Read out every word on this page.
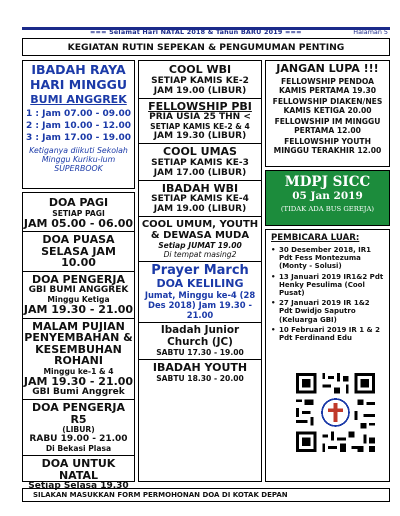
=== Selamat Hari NATAL 2018 & Tahun BARU 2019 ===	Halaman 5
KEGIATAN RUTIN SEPEKAN & PENGUMUMAN PENTING
IBADAH RAYA
HARI MINGGU
BUMI ANGGREK
1 : Jam 07.00 - 09.00
2 : Jam 10.00 - 12.00
3 : Jam 17.00 - 19.00
Ketiganya diikuti Sekolah Minggu Kuriku-lum SUPERBOOK
DOA PAGI
SETIAP PAGI
JAM 05.00 - 06.00
DOA PUASA
SELASA JAM 10.00
DOA PENGERJA
GBI BUMI ANGGREK
Minggu Ketiga
JAM 19.30 - 21.00
MALAM PUJIAN PENYEMBAHAN & KESEMBUHAN ROHANI
Minggu ke-1 & 4
JAM 19.30 - 21.00
GBI Bumi Anggrek
DOA PENGERJA R5
(LIBUR)
RABU 19.00 - 21.00
Di Bekasi Plasa
DOA UNTUK NATAL
Setiap Selasa 19.30
COOL WBI
SETIAP KAMIS KE-2
JAM 19.00 (LIBUR)
FELLOWSHIP PBI
PRIA USIA 25 THN <
SETIAP KAMIS KE-2 & 4
JAM 19.30 (LIBUR)
COOL UMAS
SETIAP KAMIS KE-3
JAM 17.00 (LIBUR)
IBADAH WBI
SETIAP KAMIS KE-4
JAM 19.00 (LIBUR)
COOL UMUM, YOUTH & DEWASA MUDA
Setiap JUMAT 19.00
Di tempat masing2
Prayer March
DOA KELILING
Jumat, Minggu ke-4 (28 Des 2018) Jam 19.30 - 21.00
Ibadah Junior Church (JC)
SABTU 17.30 - 19.00
IBADAH YOUTH
SABTU 18.30 - 20.00
JANGAN LUPA !!!
FELLOWSHIP PENDOA KAMIS PERTAMA 19.30
FELLOWSHIP DIAKEN/NES KAMIS KETIGA 20.00
FELLOWSHIP IM MINGGU PERTAMA 12.00
FELLOWSHIP YOUTH MINGGU TERAKHIR 12.00
MDPJ SICC
05 Jan 2019
(TIDAK ADA BUS GEREJA)
PEMBICARA LUAR:
• 30 Desember 2018, IR1 Pdt Fess Montezuma (Monty - Solusi)
• 13 Januari 2019 IR1&2 Pdt Henky Pesulima (Cool Pusat)
• 27 Januari 2019 IR 1&2 Pdt Dwidjo Saputro (Keluarga GBI)
• 10 Februari 2019 IR 1 & 2 Pdt Ferdinand Edu
SILAKAN MASUKKAN FORM PERMOHONAN DOA DI KOTAK DEPAN
